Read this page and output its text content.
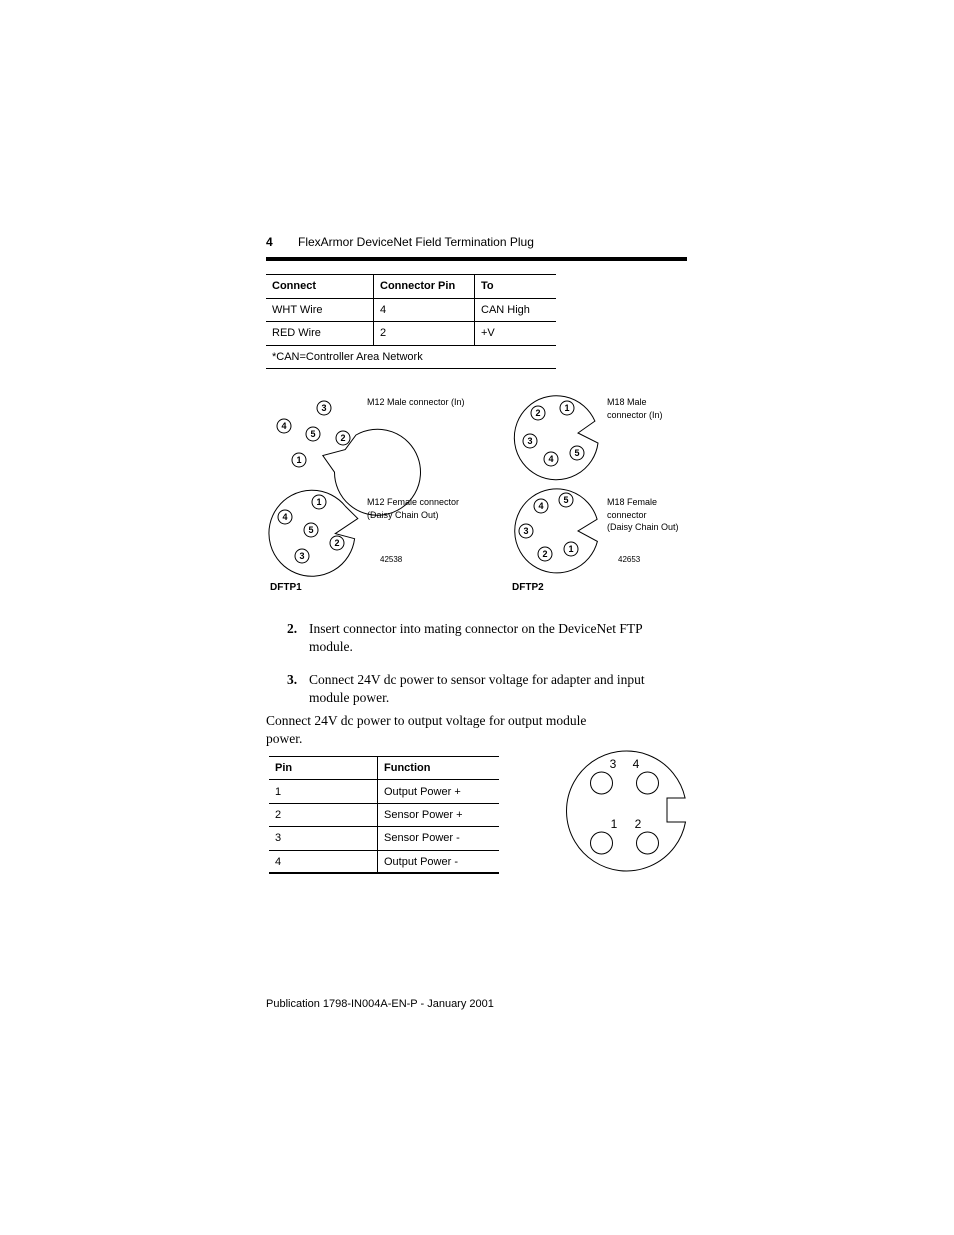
4 FlexArmor DeviceNet Field Termination Plug
Connect	Connector Pin	To
WHT Wire	4	CAN High
RED Wire	2	+V
*CAN=Controller Area Network		
3
4
5	2
1
1
4
5
2
3
2	1
3
4
5
4
5
3
2 1
3 4
1 2
M12 Male connector (In)
M12 Female connector
(Daisy Chain Out)
M18 Male
connector (In)
M18 Female
connector
(Daisy Chain Out)
42538	42653
DFTP1	DFTP2
2. Insert connector into mating connector on the DeviceNet FTP
module.
3. Connect 24V dc power to sensor voltage for adapter and input
module power.
Connect 24V dc power to output voltage for output module
power.
Pin	Function
1	Output Power +
2	Sensor Power +
3	Sensor Power -
4	Output Power -
Publication 1798-IN004A-EN-P - January 2001
